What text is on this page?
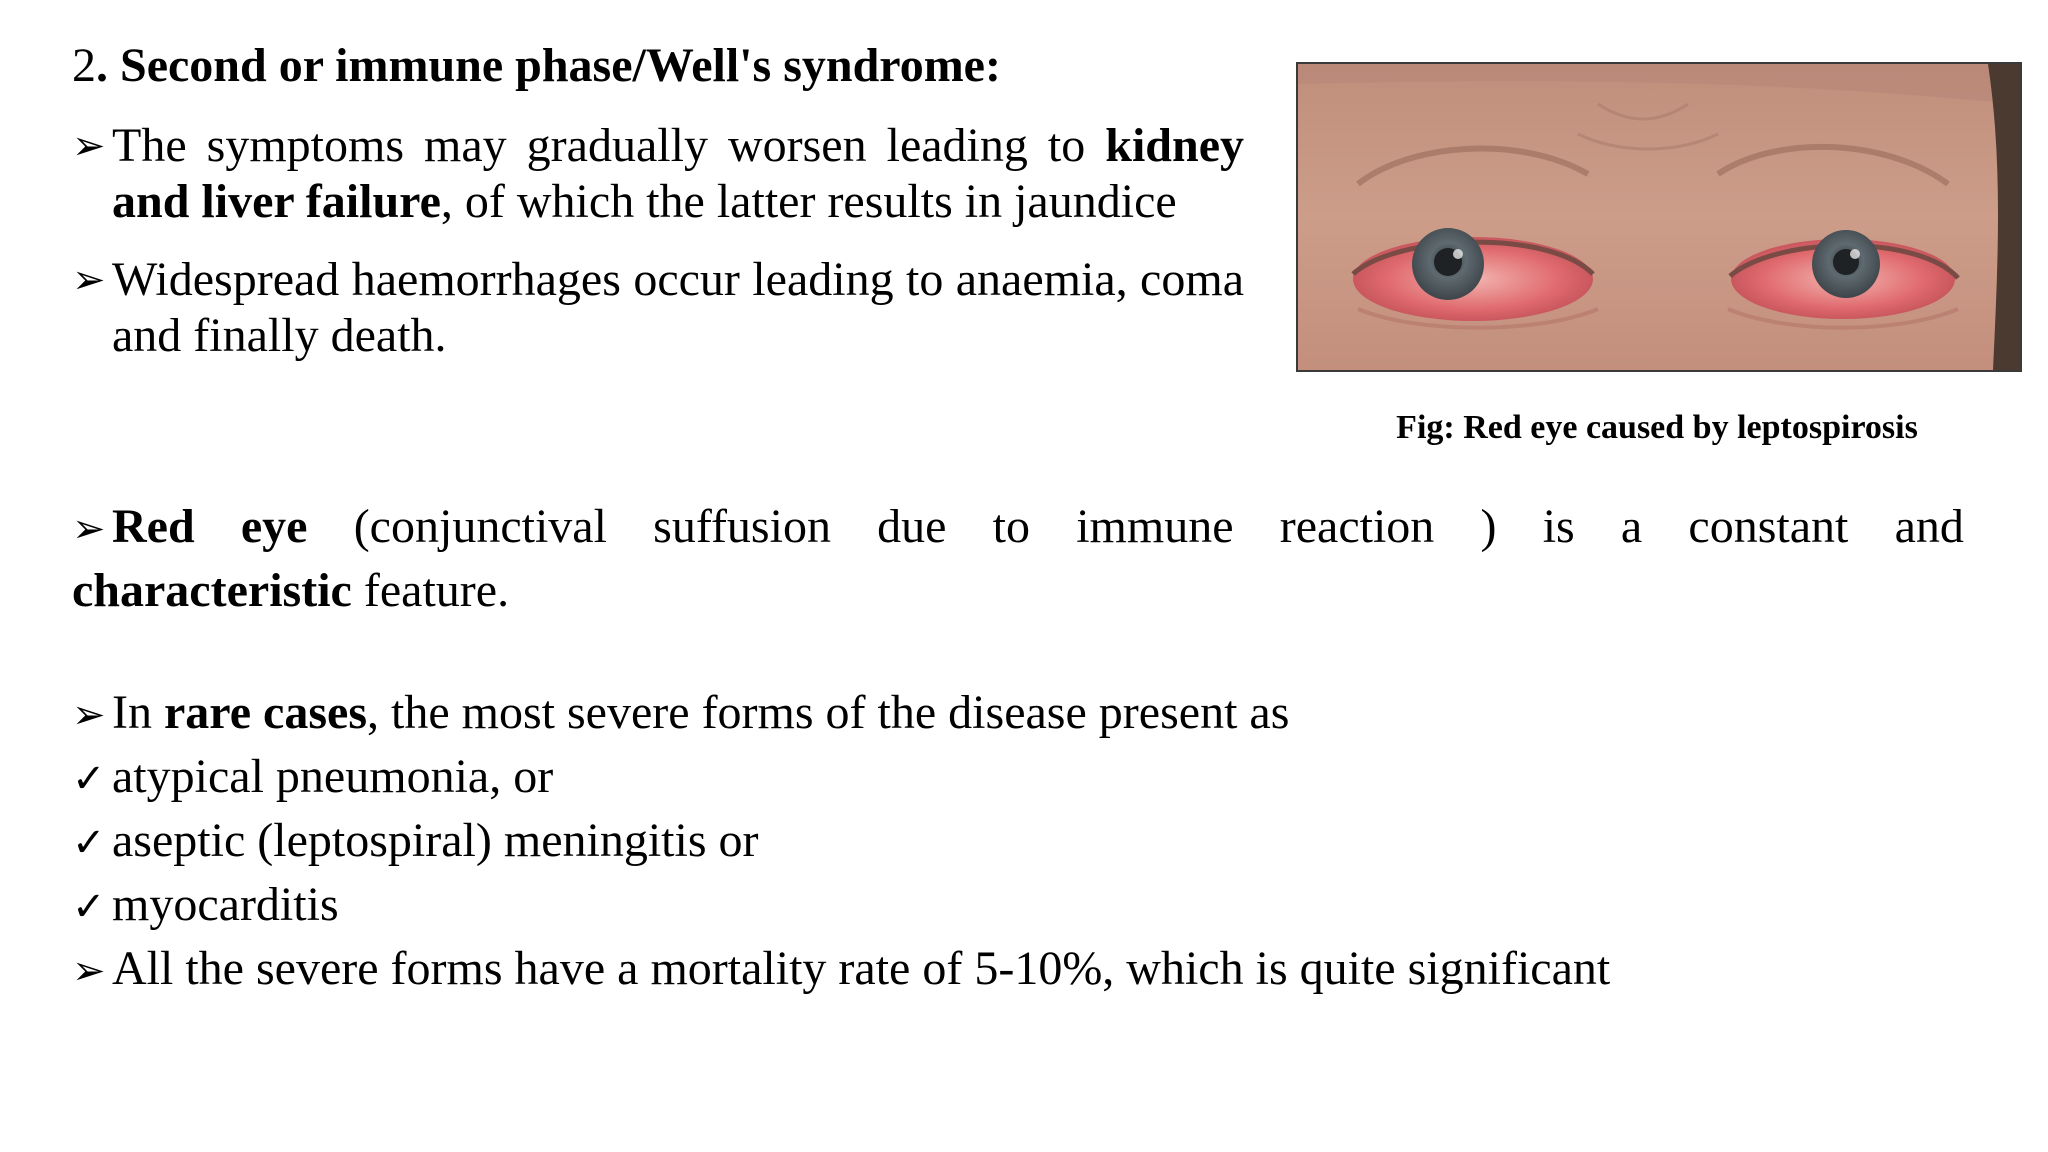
2. Second or immune phase/Well's syndrome:
➢ The symptoms may gradually worsen leading to kidney and liver failure, of which the latter results in jaundice
➢ Widespread haemorrhages occur leading to anaemia, coma and finally death.
Fig: Red eye caused by leptospirosis
➢ Red eye (conjunctival suffusion due to immune reaction ) is a constant and
characteristic feature.
➢ In rare cases, the most severe forms of the disease present as
✓ atypical pneumonia, or
✓ aseptic (leptospiral) meningitis or
✓ myocarditis
➢ All the severe forms have a mortality rate of 5-10%, which is quite significant
